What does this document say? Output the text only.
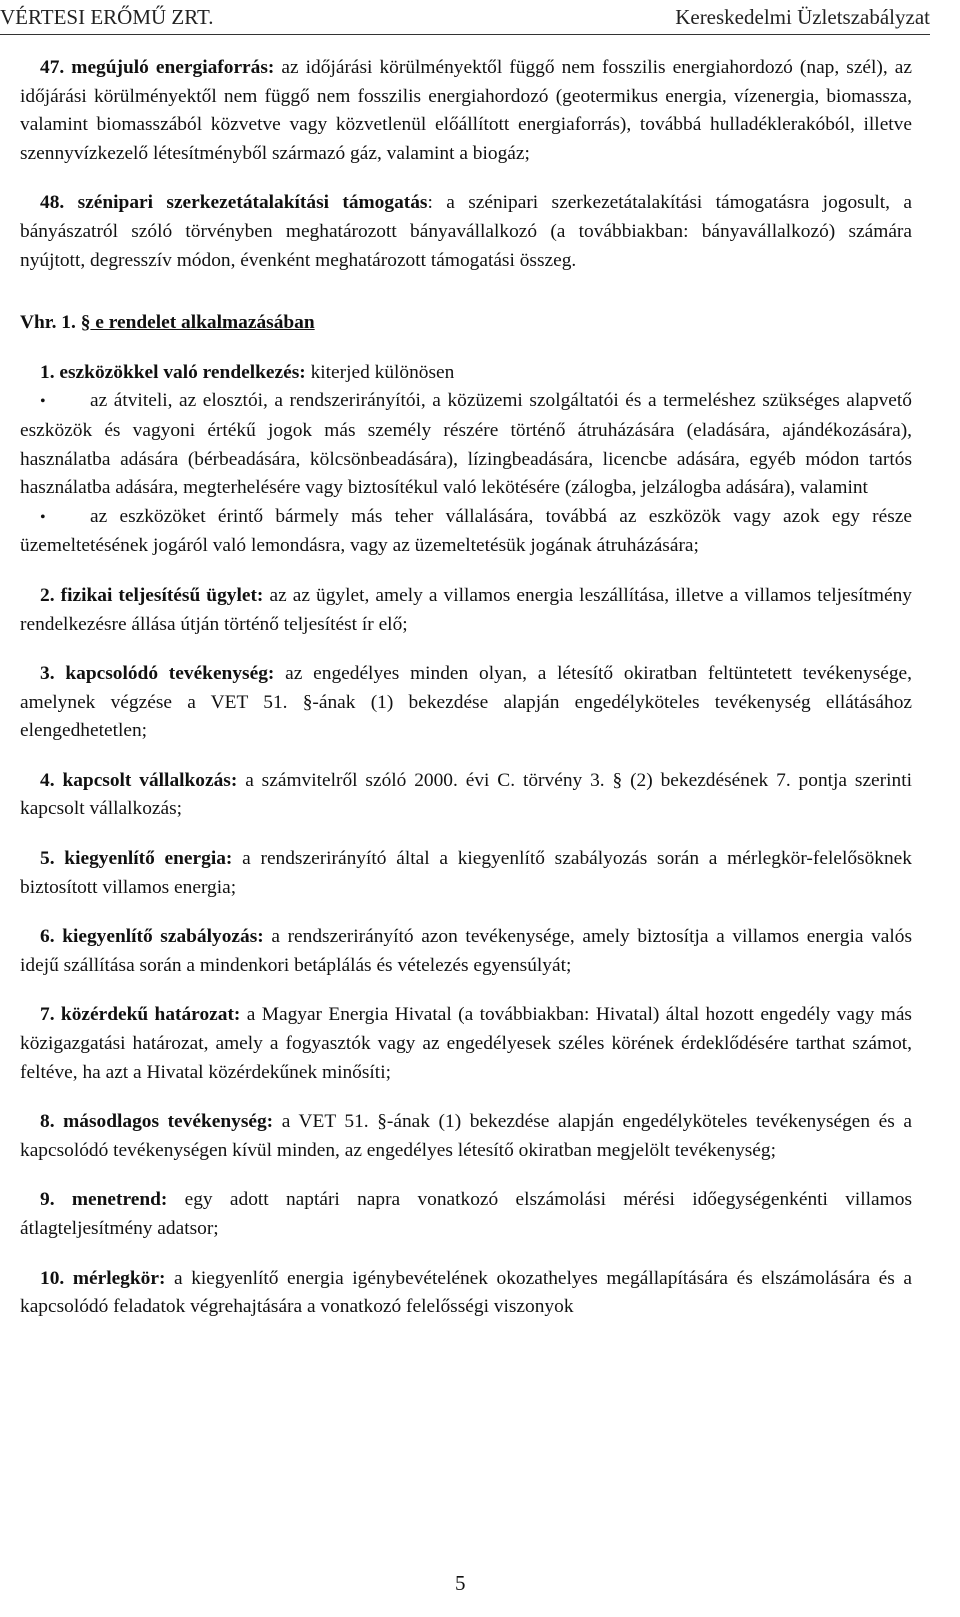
VÉRTESI ERŐMŰ ZRT.	Kereskedelmi Üzletszabályzat

47. megújuló energiaforrás: az időjárási körülményektől függő nem fosszilis energiahordozó (nap, szél), az időjárási körülményektől nem függő nem fosszilis energiahordozó (geotermikus energia, vízenergia, biomassza, valamint biomasszából közvetve vagy közvetlenül előállított energiaforrás), továbbá hulladéklerakóból, illetve szennyvízkezelő létesítményből származó gáz, valamint a biogáz;

48. szénipari szerkezetátalakítási támogatás: a szénipari szerkezetátalakítási támogatásra jogosult, a bányászatról szóló törvényben meghatározott bányavállalkozó (a továbbiakban: bányavállalkozó) számára nyújtott, degresszív módon, évenként meghatározott támogatási összeg.

Vhr. 1. § e rendelet alkalmazásában

1. eszközökkel való rendelkezés: kiterjed különösen

• az átviteli, az elosztói, a rendszerirányítói, a közüzemi szolgáltatói és a termeléshez szükséges alapvető eszközök és vagyoni értékű jogok más személy részére történő átruházására (eladására, ajándékozására), használatba adására (bérbeadására, kölcsönbeadására), lízingbeadására, licencbe adására, egyéb módon tartós használatba adására, megterhelésére vagy biztosítékul való lekötésére (zálogba, jelzálogba adására), valamint

• az eszközöket érintő bármely más teher vállalására, továbbá az eszközök vagy azok egy része üzemeltetésének jogáról való lemondásra, vagy az üzemeltetésük jogának átruházására;

2. fizikai teljesítésű ügylet: az az ügylet, amely a villamos energia leszállítása, illetve a villamos teljesítmény rendelkezésre állása útján történő teljesítést ír elő;

3. kapcsolódó tevékenység: az engedélyes minden olyan, a létesítő okiratban feltüntetett tevékenysége, amelynek végzése a VET 51. §-ának (1) bekezdése alapján engedélyköteles tevékenység ellátásához elengedhetetlen;

4. kapcsolt vállalkozás: a számvitelről szóló 2000. évi C. törvény 3. § (2) bekezdésének 7. pontja szerinti kapcsolt vállalkozás;

5. kiegyenlítő energia: a rendszerirányító által a kiegyenlítő szabályozás során a mérlegkör-felelősöknek biztosított villamos energia;

6. kiegyenlítő szabályozás: a rendszerirányító azon tevékenysége, amely biztosítja a villamos energia valós idejű szállítása során a mindenkori betáplálás és vételezés egyensúlyát;

7. közérdekű határozat: a Magyar Energia Hivatal (a továbbiakban: Hivatal) által hozott engedély vagy más közigazgatási határozat, amely a fogyasztók vagy az engedélyesek széles körének érdeklődésére tarthat számot, feltéve, ha azt a Hivatal közérdekűnek minősíti;

8. másodlagos tevékenység: a VET 51. §-ának (1) bekezdése alapján engedélyköteles tevékenységen és a kapcsolódó tevékenységen kívül minden, az engedélyes létesítő okiratban megjelölt tevékenység;

9. menetrend: egy adott naptári napra vonatkozó elszámolási mérési időegységenkénti villamos átlagteljesítmény adatsor;

10. mérlegkör: a kiegyenlítő energia igénybevételének okozathelyes megállapítására és elszámolására és a kapcsolódó feladatok végrehajtására a vonatkozó felelősségi viszonyok

5
